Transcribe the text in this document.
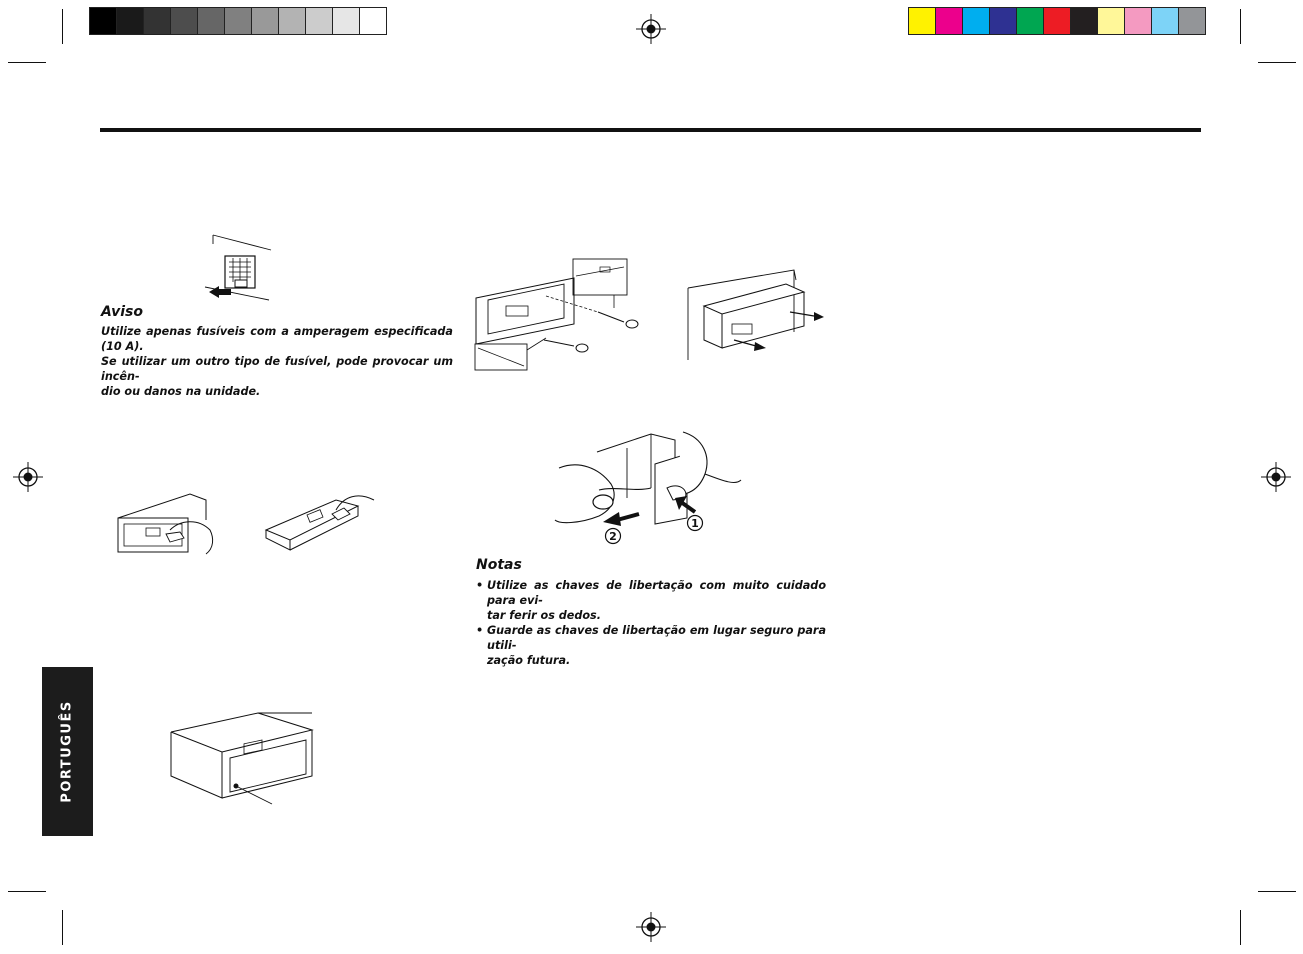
Aviso
Utilize apenas fusíveis com a amperagem especificada (10 A).
Se utilizar um outro tipo de fusível, pode provocar um incên-
dio ou danos na unidade.
2
1
Notas
• Utilize as chaves de libertação com muito cuidado para evi-
tar ferir os dedos.
• Guarde as chaves de libertação em lugar seguro para utili-
zação futura.
PORTUGUÊS
